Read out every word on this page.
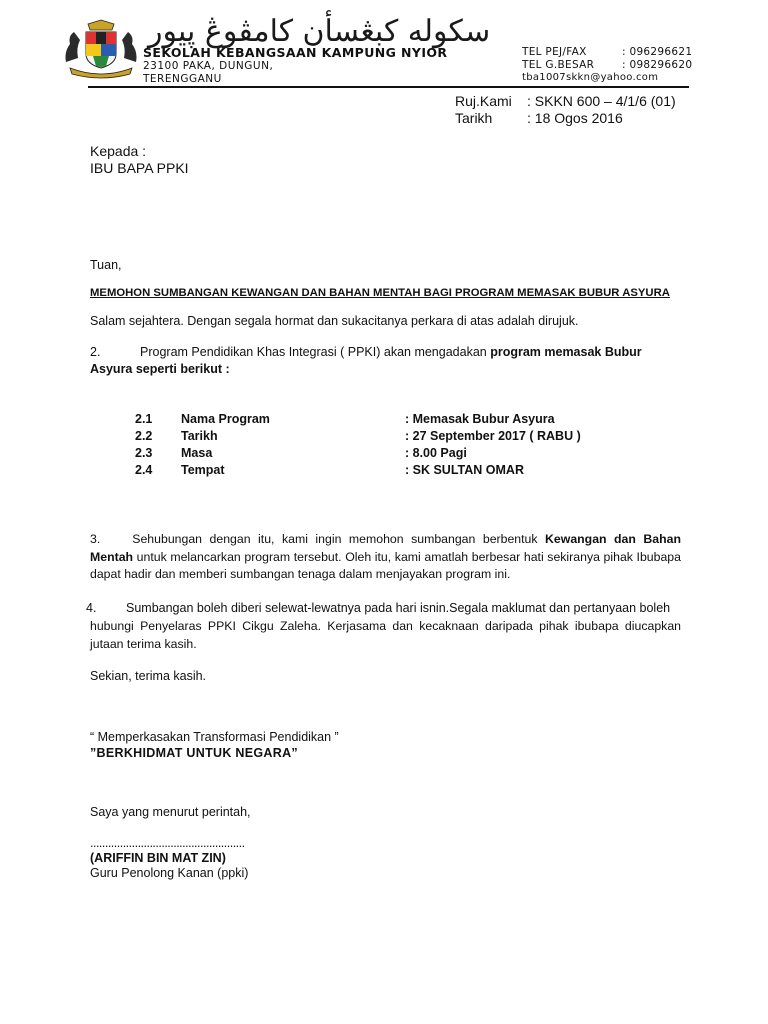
سكوله کبڠسأن کامڤوڠ ڽيور
SEKOLAH KEBANGSAAN KAMPUNG NYIOR
23100 PAKA, DUNGUN,
TERENGGANU
TEL PEJ/FAX	: 096296621
TEL G.BESAR	: 098296620
tba1007skkn@yahoo.com
Ruj.Kami : SKKN 600 – 4/1/6 (01)
Tarikh : 18 Ogos 2016
Kepada :
IBU BAPA PPKI
Tuan,
MEMOHON SUMBANGAN KEWANGAN DAN BAHAN MENTAH BAGI PROGRAM MEMASAK BUBUR ASYURA
Salam sejahtera. Dengan segala hormat dan sukacitanya perkara di atas adalah dirujuk.
2.	Program Pendidikan Khas Integrasi ( PPKI) akan mengadakan program memasak Bubur
Asyura seperti berikut :
2.1 Nama Program	: Memasak Bubur Asyura
2.2 Tarikh	: 27 September 2017 ( RABU )
2.3 Masa	: 8.00 Pagi
2.4 Tempat	: SK SULTAN OMAR
3.	Sehubungan dengan itu, kami ingin memohon sumbangan berbentuk Kewangan dan Bahan Mentah untuk melancarkan program tersebut. Oleh itu, kami amatlah berbesar hati sekiranya pihak Ibubapa dapat hadir dan memberi sumbangan tenaga dalam menjayakan program ini.
4. Sumbangan boleh diberi selewat-lewatnya pada hari isnin.Segala maklumat dan pertanyaan boleh
hubungi Penyelaras PPKI Cikgu Zaleha. Kerjasama dan kecaknaan daripada pihak ibubapa diucapkan jutaan terima kasih.
Sekian, terima kasih.
“ Memperkasakan Transformasi Pendidikan ”
”BERKHIDMAT UNTUK NEGARA”
Saya yang menurut perintah,
....................................................
(ARIFFIN BIN MAT ZIN)
Guru Penolong Kanan (ppki)
